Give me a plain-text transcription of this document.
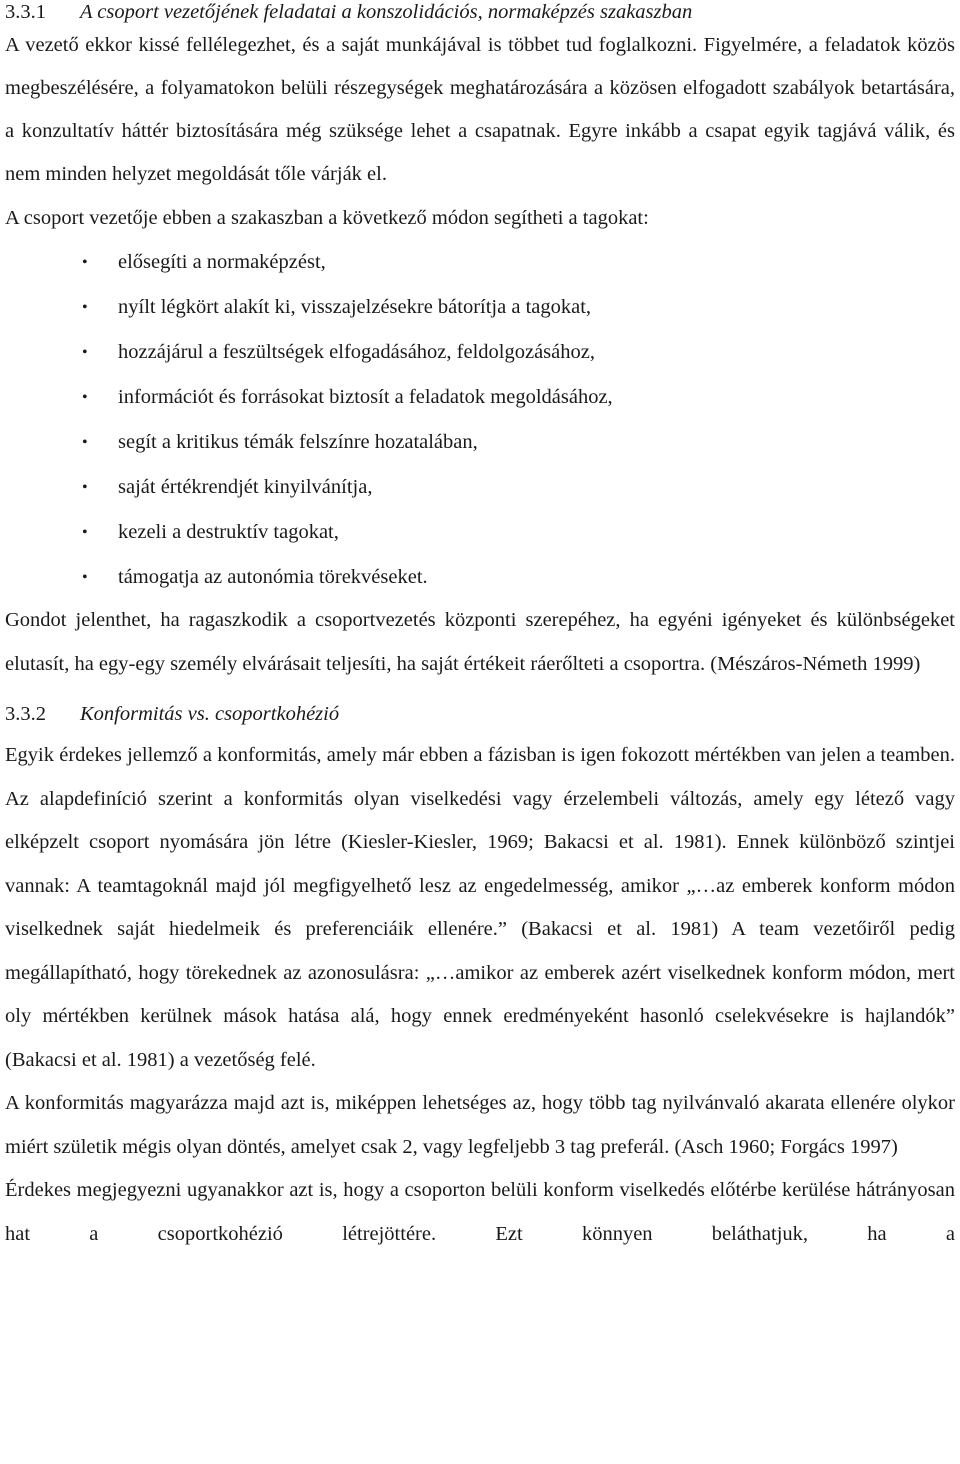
3.3.1	A csoport vezetőjének feladatai a konszolidációs, normaképzés szakaszban

A vezető ekkor kissé fellélegezhet, és a saját munkájával is többet tud foglalkozni. Figyelmére, a feladatok közös megbeszélésére, a folyamatokon belüli részegységek meghatározására a közösen elfogadott szabályok betartására, a konzultatív háttér biztosítására még szüksége lehet a csapatnak. Egyre inkább a csapat egyik tagjává válik, és nem minden helyzet megoldását tőle várják el.

A csoport vezetője ebben a szakaszban a következő módon segítheti a tagokat:

• elősegíti a normaképzést,
• nyílt légkört alakít ki, visszajelzésekre bátorítja a tagokat,
• hozzájárul a feszültségek elfogadásához, feldolgozásához,
• információt és forrásokat biztosít a feladatok megoldásához,
• segít a kritikus témák felszínre hozatalában,
• saját értékrendjét kinyilvánítja,
• kezeli a destruktív tagokat,
• támogatja az autonómia törekvéseket.

Gondot jelenthet, ha ragaszkodik a csoportvezetés központi szerepéhez, ha egyéni igényeket és különbségeket elutasít, ha egy-egy személy elvárásait teljesíti, ha saját értékeit ráerőlteti a csoportra. (Mészáros-Németh 1999)

3.3.2	Konformitás vs. csoportkohézió

Egyik érdekes jellemző a konformitás, amely már ebben a fázisban is igen fokozott mértékben van jelen a teamben. Az alapdefiníció szerint a konformitás olyan viselkedési vagy érzelembeli változás, amely egy létező vagy elképzelt csoport nyomására jön létre (Kiesler-Kiesler, 1969; Bakacsi et al. 1981). Ennek különböző szintjei vannak: A teamtagoknál majd jól megfigyelhető lesz az engedelmesség, amikor „…az emberek konform módon viselkednek saját hiedelmeik és preferenciáik ellenére.” (Bakacsi et al. 1981) A team vezetőiről pedig megállapítható, hogy törekednek az azonosulásra: „…amikor az emberek azért viselkednek konform módon, mert oly mértékben kerülnek mások hatása alá, hogy ennek eredményeként hasonló cselekvésekre is hajlandók” (Bakacsi et al. 1981) a vezetőség felé.

A konformitás magyarázza majd azt is, miképpen lehetséges az, hogy több tag nyilvánvaló akarata ellenére olykor miért születik mégis olyan döntés, amelyet csak 2, vagy legfeljebb 3 tag preferál. (Asch 1960; Forgács 1997)

Érdekes megjegyezni ugyanakkor azt is, hogy a csoporton belüli konform viselkedés előtérbe kerülése hátrányosan hat a csoportkohézió létrejöttére. Ezt könnyen beláthatjuk, ha a
